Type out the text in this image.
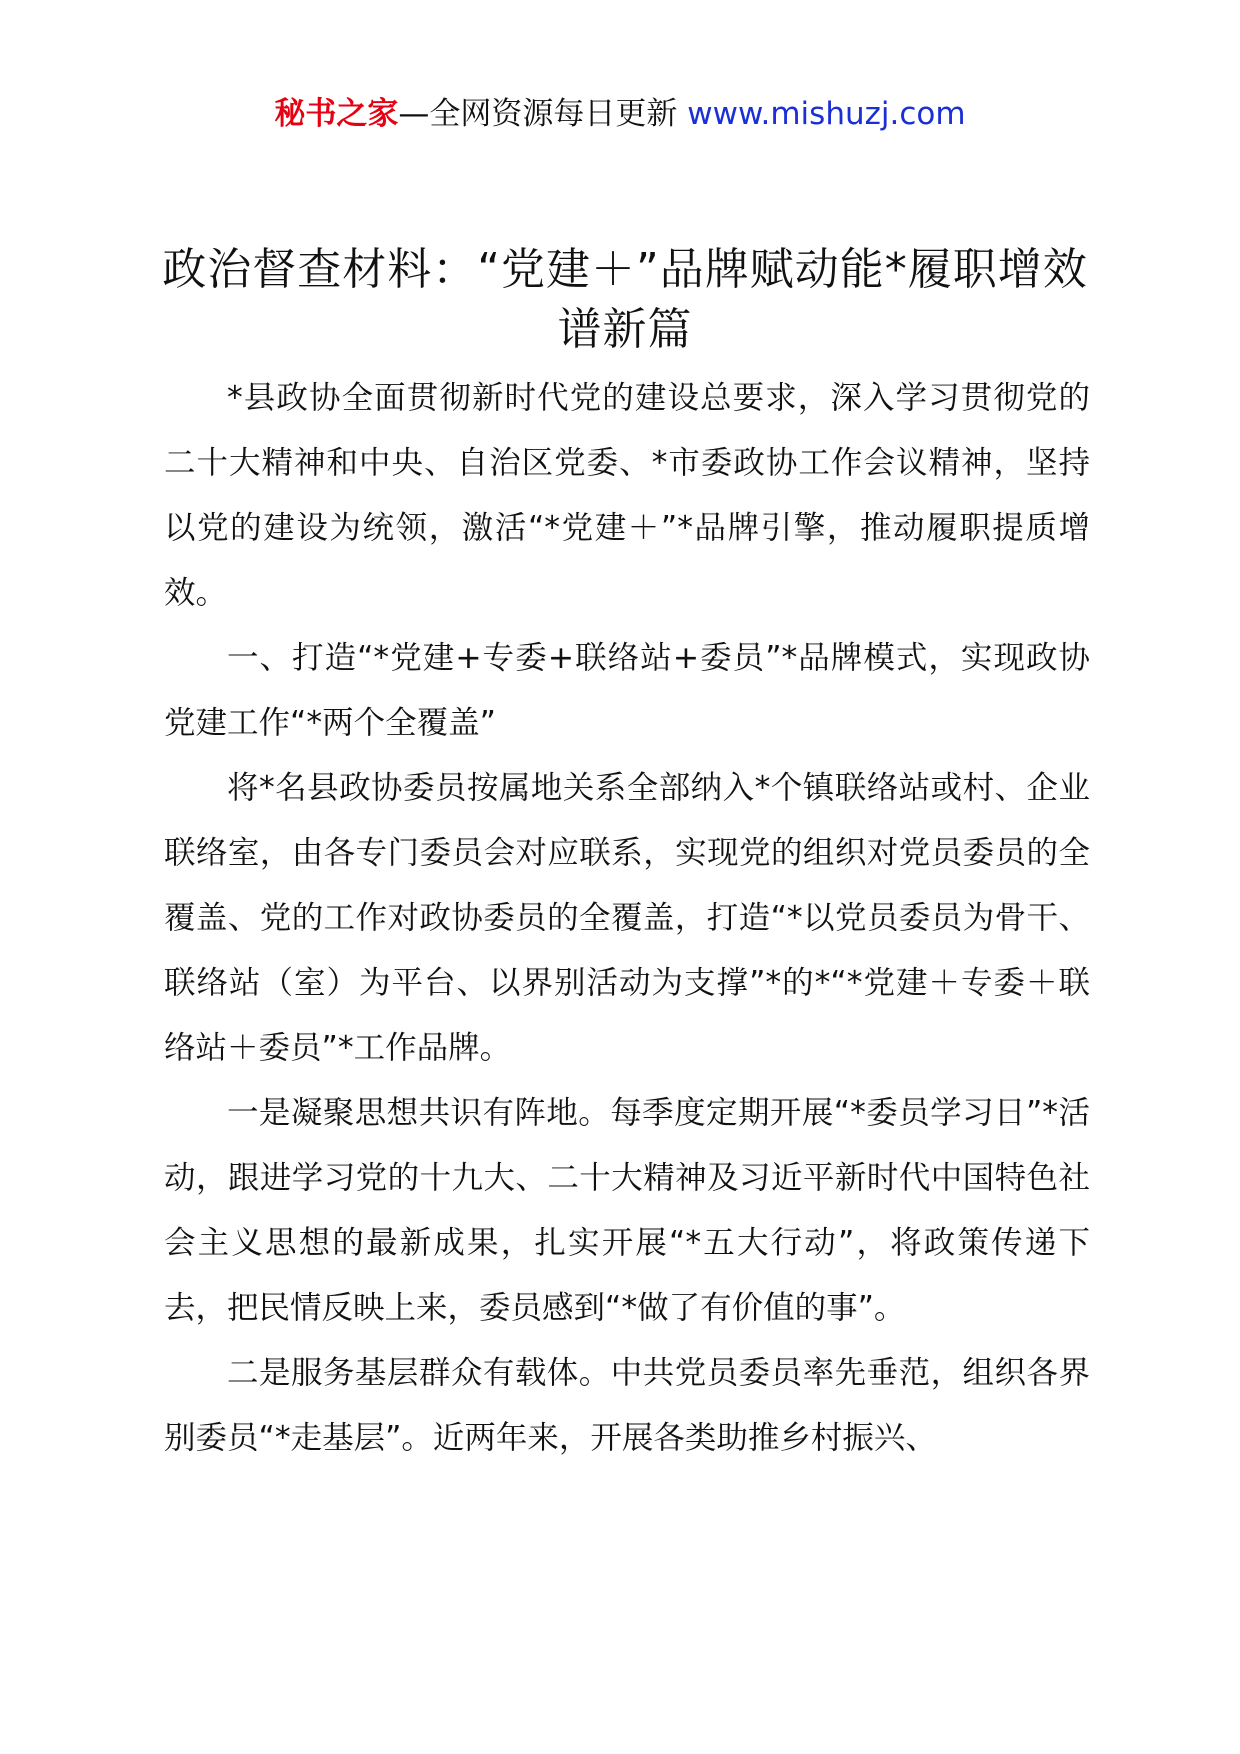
秘书之家—全网资源每日更新 www.mishuzj.com
政治督查材料：“党建＋”品牌赋动能*履职增效谱新篇

*县政协全面贯彻新时代党的建设总要求，深入学习贯彻党的二十大精神和中央、自治区党委、*市委政协工作会议精神，坚持以党的建设为统领，激活“*党建＋”*品牌引擎，推动履职提质增效。

一、打造“*党建+专委+联络站+委员”*品牌模式，实现政协党建工作“*两个全覆盖”

将*名县政协委员按属地关系全部纳入*个镇联络站或村、企业联络室，由各专门委员会对应联系，实现党的组织对党员委员的全覆盖、党的工作对政协委员的全覆盖，打造“*以党员委员为骨干、联络站（室）为平台、以界别活动为支撑”*的*“*党建＋专委＋联络站＋委员”*工作品牌。

一是凝聚思想共识有阵地。每季度定期开展“*委员学习日”*活动，跟进学习党的十九大、二十大精神及习近平新时代中国特色社会主义思想的最新成果，扎实开展“*五大行动”，将政策传递下去，把民情反映上来，委员感到“*做了有价值的事”。

二是服务基层群众有载体。中共党员委员率先垂范，组织各界别委员“*走基层”。近两年来，开展各类助推乡村振兴、
